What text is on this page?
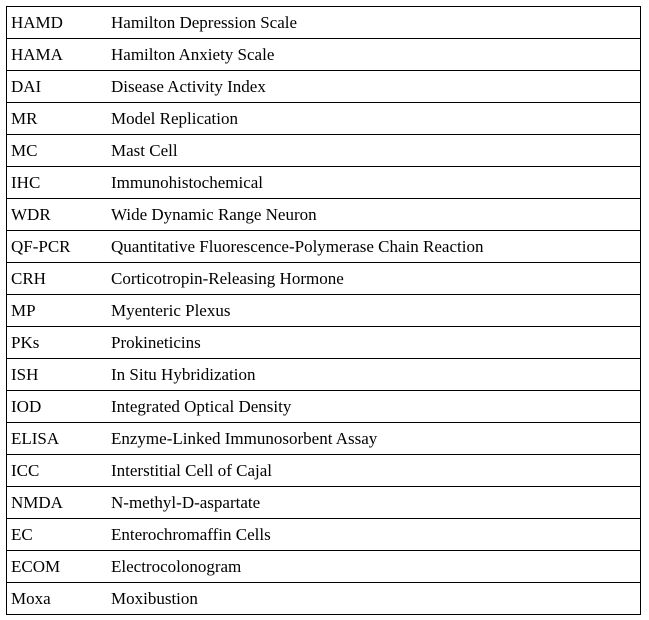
HAMD	Hamilton Depression Scale
HAMA	Hamilton Anxiety Scale
DAI	Disease Activity Index
MR	Model Replication
MC	Mast Cell
IHC	Immunohistochemical
WDR	Wide Dynamic Range Neuron
QF-PCR	Quantitative Fluorescence-Polymerase Chain Reaction
CRH	Corticotropin-Releasing Hormone
MP	Myenteric Plexus
PKs	Prokineticins
ISH	In Situ Hybridization
IOD	Integrated Optical Density
ELISA	Enzyme-Linked Immunosorbent Assay
ICC	Interstitial Cell of Cajal
NMDA	N-methyl-D-aspartate
EC	Enterochromaffin Cells
ECOM	Electrocolonogram
Moxa	Moxibustion
